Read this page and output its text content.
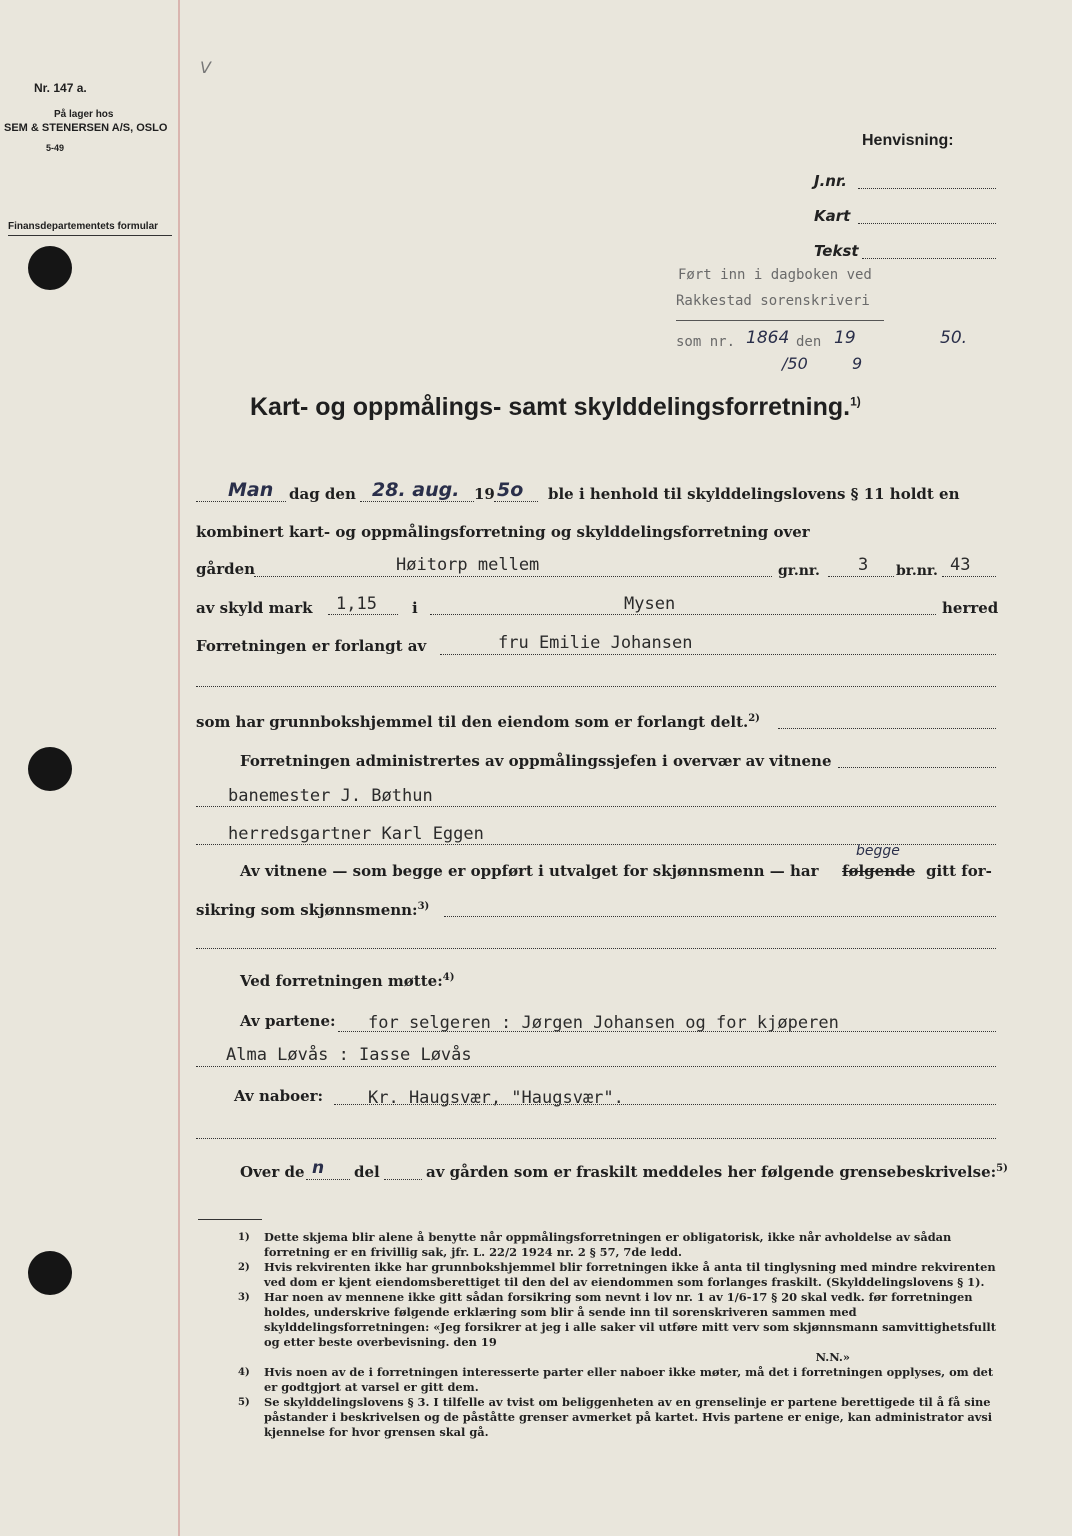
Nr. 147 a.
På lager hos
SEM & STENERSEN A/S, OSLO
5-49
Finansdepartementets formular
V
Henvisning:
J.nr.
Kart
Tekst
Ført inn i dagboken ved
Rakkestad sorenskriveri
som nr. 1864 den 19	50.
/50	9
Kart- og oppmålings- samt skylddelingsforretning.$^{1)}$
Man dag den 28. aug. 19 5o ble i henhold til skylddelingslovens § 11 holdt en
kombinert kart- og oppmålingsforretning og skylddelingsforretning over
gården	Høitorp mellem	gr.nr. 3 br.nr. 43
av skyld mark 1,15 i	Mysen	herred
Forretningen er forlangt av	fru Emilie Johansen
som har grunnbokshjemmel til den eiendom som er forlangt delt.$^{2)}$
Forretningen administrertes av oppmålingssjefen i overvær av vitnene
banemester J. Bøthun
herredsgartner Karl Eggen
Av vitnene — som begge er oppført i utvalget for skjønnsmenn — har følgende
begge
gitt for-
sikring som skjønnsmenn:$^{3)}$
Ved forretningen møtte:$^{4)}$
Av partene: for selgeren : Jørgen Johansen og for kjøperen
Alma Løvås : Iasse Løvås
Av naboer:	Kr. Haugsvær, "Haugsvær".
Over de n del	av gården som er fraskilt meddeles her følgende grensebeskrivelse:$^{5)}$
1) Dette skjema blir alene å benytte når oppmålingsforretningen er obligatorisk, ikke når avholdelse av sådan forretning er en frivillig sak, jfr. L. 22/2 1924 nr. 2 § 57, 7de ledd.
2) Hvis rekvirenten ikke har grunnbokshjemmel blir forretningen ikke å anta til tinglysning med mindre rekvirenten ved dom er kjent eiendomsberettiget til den del av eiendommen som forlanges fraskilt. (Skylddelingslovens § 1).
3) Har noen av mennene ikke gitt sådan forsikring som nevnt i lov nr. 1 av 1/6-17 § 20 skal vedk. før forretningen holdes, underskrive følgende erklæring som blir å sende inn til sorenskriveren sammen med skylddelingsforretningen: «Jeg forsikrer at jeg i alle saker vil utføre mitt verv som skjønnsmann samvittighetsfullt og etter beste overbevisning. den 19
N.N.»
4) Hvis noen av de i forretningen interesserte parter eller naboer ikke møter, må det i forretningen opplyses, om det er godtgjort at varsel er gitt dem.
5) Se skylddelingslovens § 3. I tilfelle av tvist om beliggenheten av en grenselinje er partene berettigede til å få sine påstander i beskrivelsen og de påståtte grenser avmerket på kartet. Hvis partene er enige, kan administrator avsi kjennelse for hvor grensen skal gå.
